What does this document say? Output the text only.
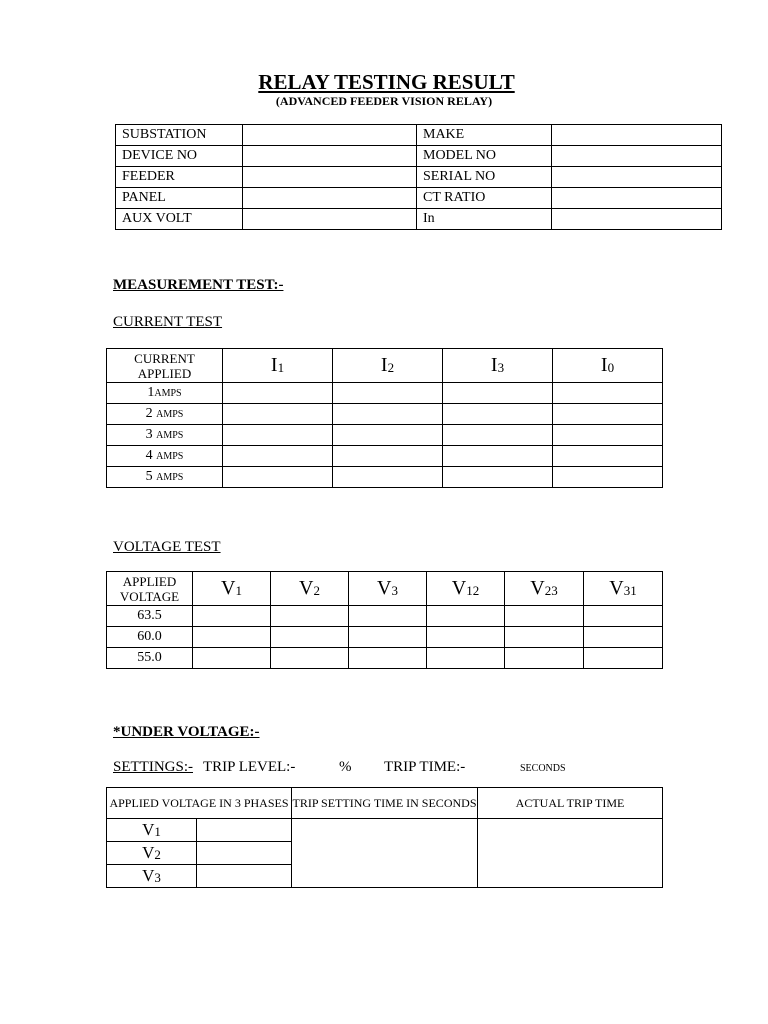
RELAY TESTING RESULT
(ADVANCED FEEDER VISION RELAY)
SUBSTATION		MAKE	
DEVICE NO		MODEL NO	
FEEDER		SERIAL NO	
PANEL		CT RATIO	
AUX VOLT		In	
MEASUREMENT TEST:-
CURRENT TEST
CURRENT
APPLIED	$I_1$	$I_2$	$I_3$	$I_0$
1AMPS				
2 AMPS				
3 AMPS				
4 AMPS				
5 AMPS				
VOLTAGE TEST
APPLIED
VOLTAGE	$V_1$	$V_2$	$V_3$	$V_{12}$	$V_{23}$	$V_{31}$
63.5						
60.0						
55.0						
*UNDER VOLTAGE:-
SETTINGS:- TRIP LEVEL:-	% TRIP TIME:-	SECONDS
APPLIED VOLTAGE IN 3 PHASES		TRIP SETTING TIME IN SECONDS	ACTUAL TRIP TIME
$V_1$			
$V_2$	
$V_3$	
